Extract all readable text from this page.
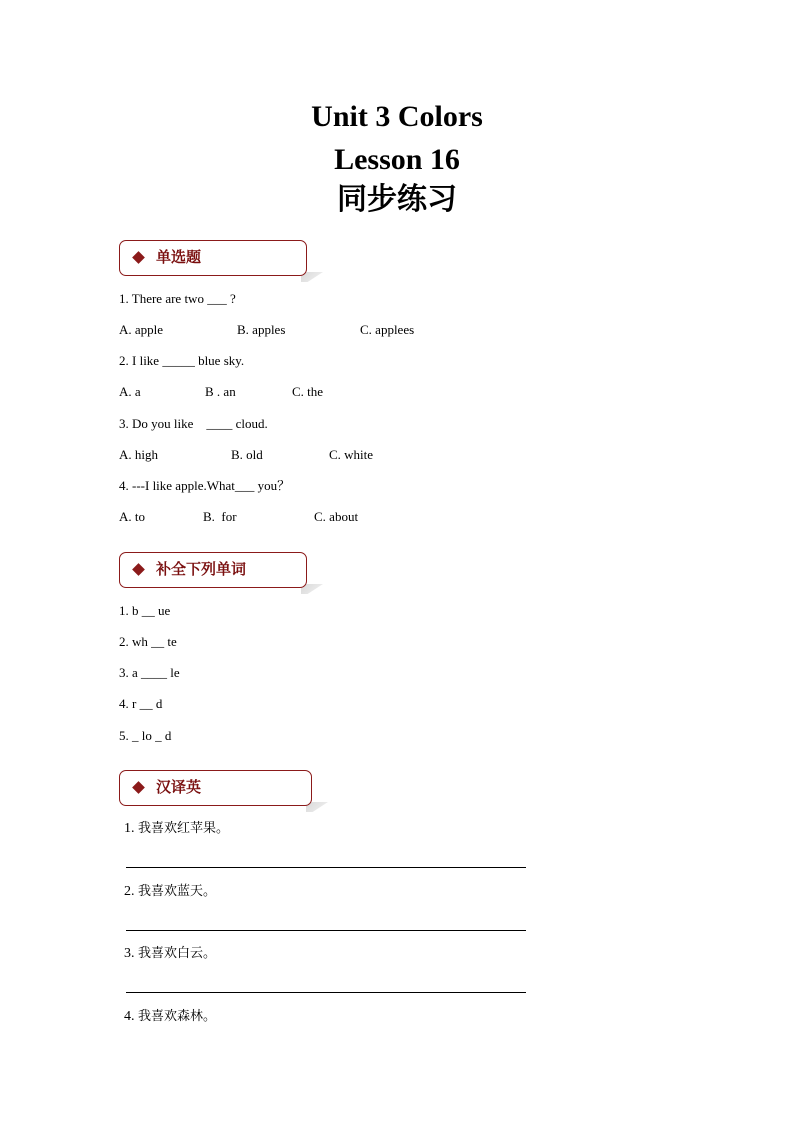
Unit 3 Colors
Lesson 16
同步练习
单选题
1. There are two ___ ?
A. apple	B. apples	C. applees
2. I like _____ blue sky.
A. a	B . an	C. the
3. Do you like    ____ cloud.
A. high	B. old	C. white
4. ---I like apple.What___ you？
A. to	B.  for	C. about
补全下列单词
1. b __ ue
2. wh __ te
3. a ____ le
4. r __ d
5. _ lo _ d
汉译英
1. 我喜欢红苹果。
2. 我喜欢蓝天。
3. 我喜欢白云。
4. 我喜欢森林。
